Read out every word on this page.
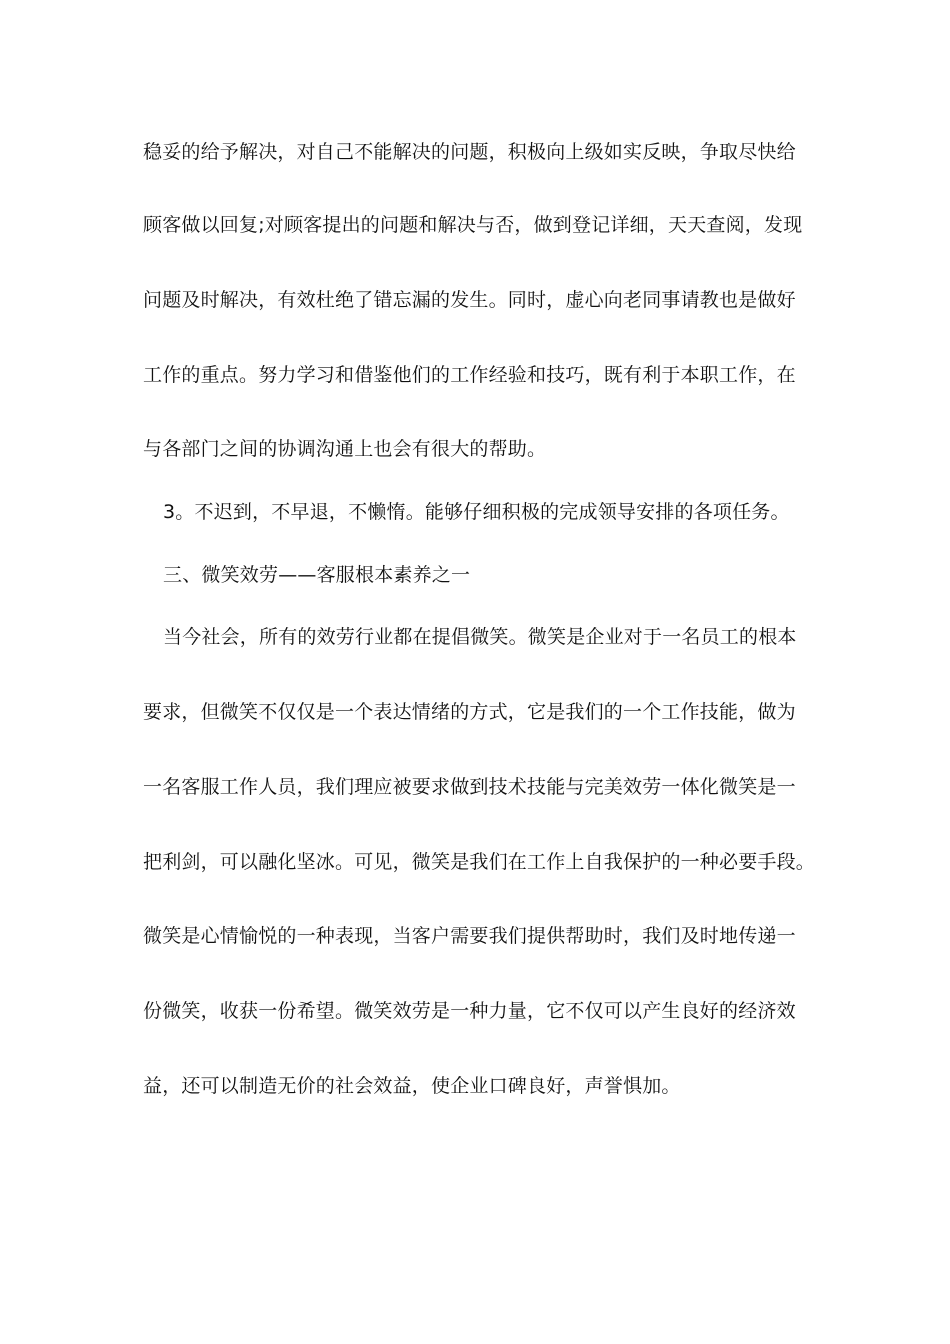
稳妥的给予解决，对自己不能解决的问题，积极向上级如实反映，争取尽快给
顾客做以回复;对顾客提出的问题和解决与否，做到登记详细，天天查阅，发现
问题及时解决，有效杜绝了错忘漏的发生。同时，虚心向老同事请教也是做好
工作的重点。努力学习和借鉴他们的工作经验和技巧，既有利于本职工作，在
与各部门之间的协调沟通上也会有很大的帮助。
3。不迟到，不早退，不懒惰。能够仔细积极的完成领导安排的各项任务。
三、微笑效劳——客服根本素养之一
当今社会，所有的效劳行业都在提倡微笑。微笑是企业对于一名员工的根本
要求，但微笑不仅仅是一个表达情绪的方式，它是我们的一个工作技能，做为
一名客服工作人员，我们理应被要求做到技术技能与完美效劳一体化微笑是一
把利剑，可以融化坚冰。可见，微笑是我们在工作上自我保护的一种必要手段。
微笑是心情愉悦的一种表现，当客户需要我们提供帮助时，我们及时地传递一
份微笑，收获一份希望。微笑效劳是一种力量，它不仅可以产生良好的经济效
益，还可以制造无价的社会效益，使企业口碑良好，声誉惧加。
